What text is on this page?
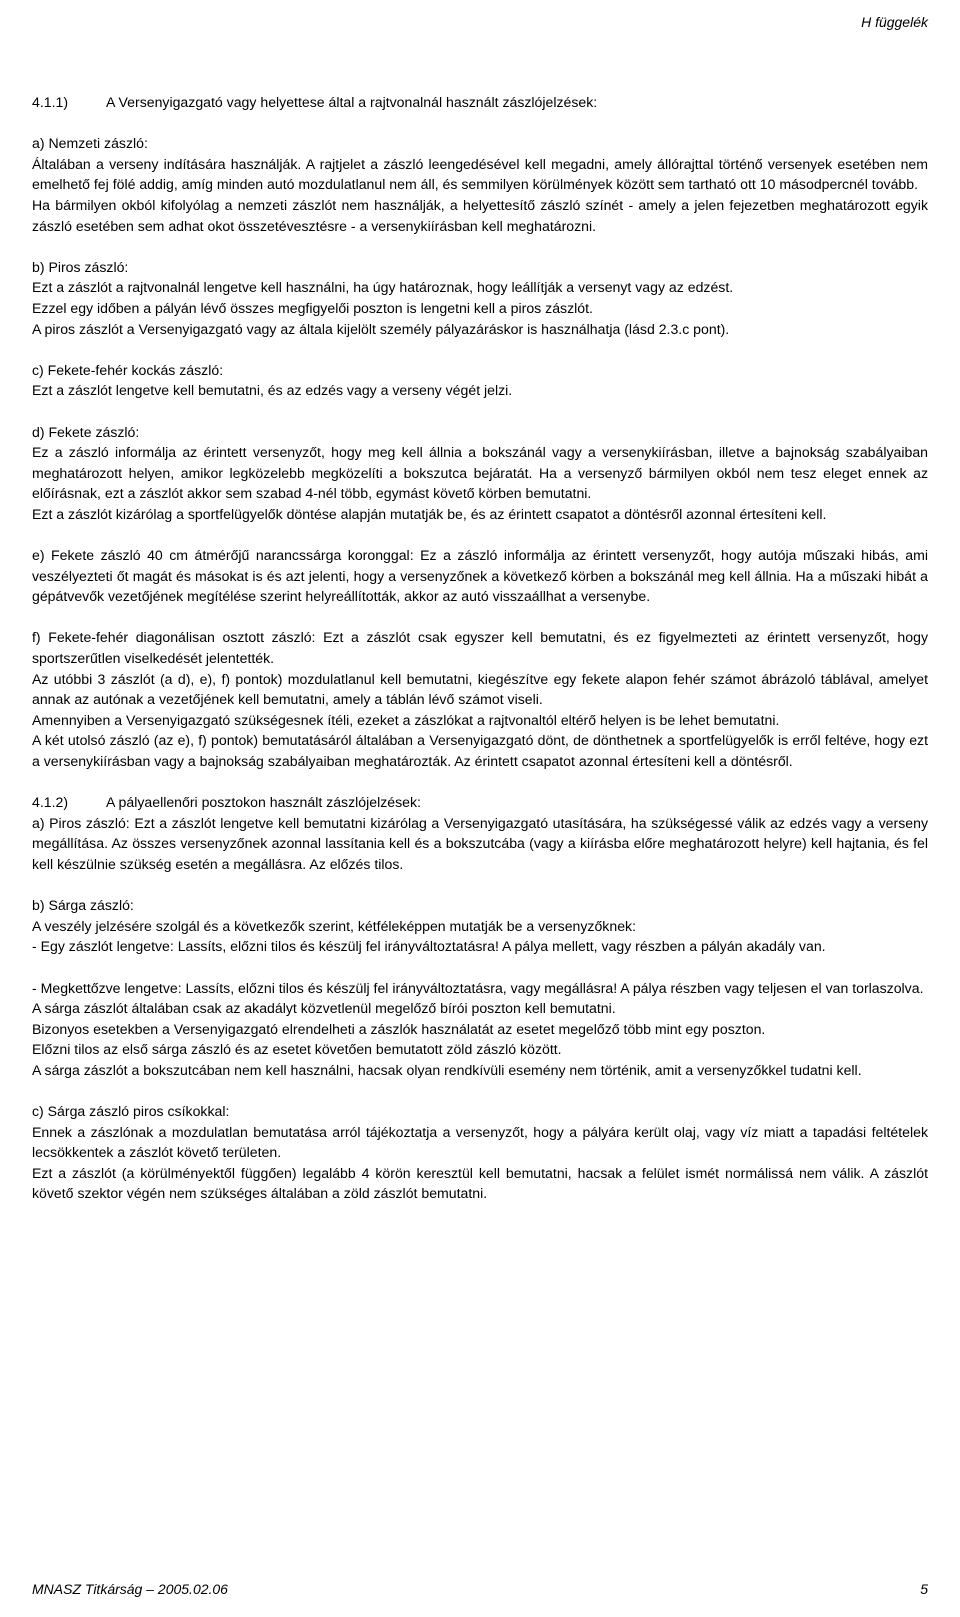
H függelék

4.1.1)	A Versenyigazgató vagy helyettese által a rajtvonalnál használt zászlójelzések:

a) Nemzeti zászló:

Általában a verseny indítására használják. A rajtjelet a zászló leengedésével kell megadni, amely állórajttal történő versenyek esetében nem emelhető fej fölé addig, amíg minden autó mozdulatlanul nem áll, és semmilyen körülmények között sem tartható ott 10 másodpercnél tovább.

Ha bármilyen okból kifolyólag a nemzeti zászlót nem használják, a helyettesítő zászló színét - amely a jelen fejezetben meghatározott egyik zászló esetében sem adhat okot összetévesztésre - a versenykiírásban kell meghatározni.

b) Piros zászló:

Ezt a zászlót a rajtvonalnál lengetve kell használni, ha úgy határoznak, hogy leállítják a versenyt vagy az edzést.

Ezzel egy időben a pályán lévő összes megfigyelői poszton is lengetni kell a piros zászlót.

A piros zászlót a Versenyigazgató vagy az általa kijelölt személy pályazáráskor is használhatja (lásd 2.3.c pont).

c) Fekete-fehér kockás zászló:

Ezt a zászlót lengetve kell bemutatni, és az edzés vagy a verseny végét jelzi.

d) Fekete zászló:

Ez a zászló informálja az érintett versenyzőt, hogy meg kell állnia a bokszánál vagy a versenykiírásban, illetve a bajnokság szabályaiban meghatározott helyen, amikor legközelebb megközelíti a bokszutca bejáratát. Ha a versenyző bármilyen okból nem tesz eleget ennek az előírásnak, ezt a zászlót akkor sem szabad 4-nél több, egymást követő körben bemutatni.

Ezt a zászlót kizárólag a sportfelügyelők döntése alapján mutatják be, és az érintett csapatot a döntésről azonnal értesíteni kell.

e) Fekete zászló 40 cm átmérőjű narancssárga koronggal: Ez a zászló informálja az érintett versenyzőt, hogy autója műszaki hibás, ami veszélyezteti őt magát és másokat is és azt jelenti, hogy a versenyzőnek a következő körben a bokszánál meg kell állnia. Ha a műszaki hibát a gépátvevők vezetőjének megítélése szerint helyreállították, akkor az autó visszaállhat a versenybe.

f) Fekete-fehér diagonálisan osztott zászló: Ezt a zászlót csak egyszer kell bemutatni, és ez figyelmezteti az érintett versenyzőt, hogy sportszerűtlen viselkedését jelentették.

Az utóbbi 3 zászlót (a d), e), f) pontok) mozdulatlanul kell bemutatni, kiegészítve egy fekete alapon fehér számot ábrázoló táblával, amelyet annak az autónak a vezetőjének kell bemutatni, amely a táblán lévő számot viseli.

Amennyiben a Versenyigazgató szükségesnek ítéli, ezeket a zászlókat a rajtvonaltól eltérő helyen is be lehet bemutatni.

A két utolsó zászló (az e), f) pontok) bemutatásáról általában a Versenyigazgató dönt, de dönthetnek a sportfelügyelők is erről feltéve, hogy ezt a versenykiírásban vagy a bajnokság szabályaiban meghatározták. Az érintett csapatot azonnal értesíteni kell a döntésről.

4.1.2)	A pályaellenőri posztokon használt zászlójelzések:

a) Piros zászló: Ezt a zászlót lengetve kell bemutatni kizárólag a Versenyigazgató utasítására, ha szükségessé válik az edzés vagy a verseny megállítása. Az összes versenyzőnek azonnal lassítania kell és a bokszutcába (vagy a kiírásba előre meghatározott helyre) kell hajtania, és fel kell készülnie szükség esetén a megállásra. Az előzés tilos.

b) Sárga zászló:

A veszély jelzésére szolgál és a következők szerint, kétféleképpen mutatják be a versenyzőknek:

- Egy zászlót lengetve: Lassíts, előzni tilos és készülj fel irányváltoztatásra! A pálya mellett, vagy részben a pályán akadály van.

- Megkettőzve lengetve: Lassíts, előzni tilos és készülj fel irányváltoztatásra, vagy megállásra! A pálya részben vagy teljesen el van torlaszolva.

A sárga zászlót általában csak az akadályt közvetlenül megelőző bírói poszton kell bemutatni.

Bizonyos esetekben a Versenyigazgató elrendelheti a zászlók használatát az esetet megelőző több mint egy poszton.

Előzni tilos az első sárga zászló és az esetet követően bemutatott zöld zászló között.

A sárga zászlót a bokszutcában nem kell használni, hacsak olyan rendkívüli esemény nem történik, amit a versenyzőkkel tudatni kell.

c) Sárga zászló piros csíkokkal:

Ennek a zászlónak a mozdulatlan bemutatása arról tájékoztatja a versenyzőt, hogy a pályára került olaj, vagy víz miatt a tapadási feltételek lecsökkentek a zászlót követő területen.

Ezt a zászlót (a körülményektől függően) legalább 4 körön keresztül kell bemutatni, hacsak a felület ismét normálissá nem válik. A zászlót követő szektor végén nem szükséges általában a zöld zászlót bemutatni.

MNASZ Titkárság – 2005.02.06	5
